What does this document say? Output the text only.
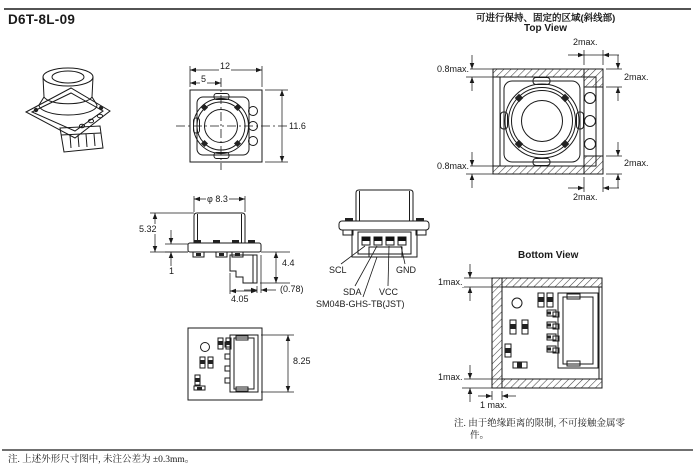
D6T-8L-09	可进行保持、固定的区域(斜线部)
Top View
2max.
0.8max.
2max.
0.8max.	2max.
2max.
12
5
11.6
φ 8.3
5.32
1
4.4
(0.78)
4.05
SCL
SDA VCC
GND
SM04B-GHS-TB(JST)
8.25
Bottom View
1max.
1max.
1 max.
注. 由于绝缘距离的限制, 不可接触金属零
件。
注. 上述外形尺寸图中, 未注公差为 ±0.3mm。
